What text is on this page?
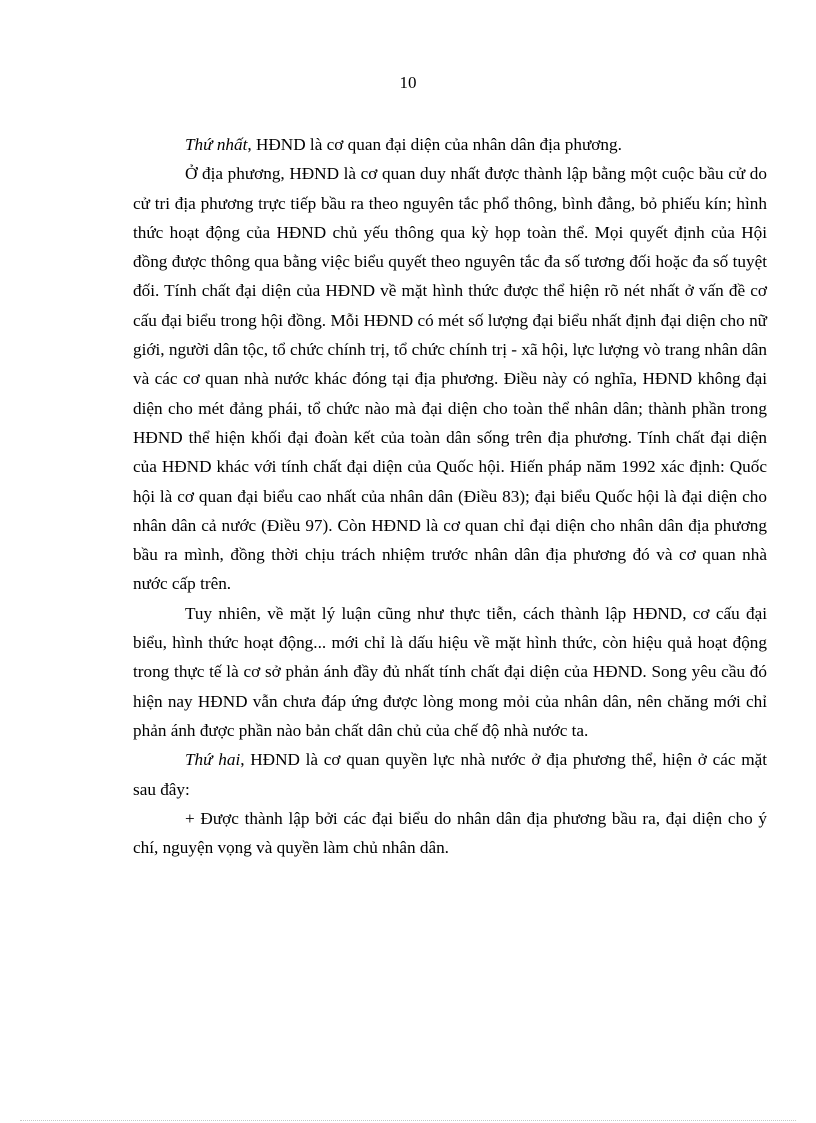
10

Thứ nhất, HĐND là cơ quan đại diện của nhân dân địa phương.

Ở địa phương, HĐND là cơ quan duy nhất được thành lập bằng một cuộc bầu cử do cử tri địa phương trực tiếp bầu ra theo nguyên tắc phổ thông, bình đẳng, bỏ phiếu kín; hình thức hoạt động của HĐND chủ yếu thông qua kỳ họp toàn thể. Mọi quyết định của Hội đồng được thông qua bằng việc biểu quyết theo nguyên tắc đa số tương đối hoặc đa số tuyệt đối. Tính chất đại diện của HĐND về mặt hình thức được thể hiện rõ nét nhất ở vấn đề cơ cấu đại biểu trong hội đồng. Mỗi HĐND có mét số lượng đại biểu nhất định đại diện cho nữ giới, người dân tộc, tổ chức chính trị, tổ chức chính trị - xã hội, lực lượng vò trang nhân dân và các cơ quan nhà nước khác đóng tại địa phương. Điều này có nghĩa, HĐND không đại diện cho mét đảng phái, tổ chức nào mà đại diện cho toàn thể nhân dân; thành phần trong HĐND thể hiện khối đại đoàn kết của toàn dân sống trên địa phương. Tính chất đại diện của HĐND khác với tính chất đại diện của Quốc hội. Hiến pháp năm 1992 xác định: Quốc hội là cơ quan đại biểu cao nhất của nhân dân (Điều 83); đại biểu Quốc hội là đại diện cho nhân dân cả nước (Điều 97). Còn HĐND là cơ quan chỉ đại diện cho nhân dân địa phương bầu ra mình, đồng thời chịu trách nhiệm trước nhân dân địa phương đó và cơ quan nhà nước cấp trên.

Tuy nhiên, về mặt lý luận cũng như thực tiễn, cách thành lập HĐND, cơ cấu đại biểu, hình thức hoạt động... mới chỉ là dấu hiệu về mặt hình thức, còn hiệu quả hoạt động trong thực tế là cơ sở phản ánh đầy đủ nhất tính chất đại diện của HĐND. Song yêu cầu đó hiện nay HĐND vẫn chưa đáp ứng được lòng mong mỏi của nhân dân, nên chăng mới chỉ phản ánh được phần nào bản chất dân chủ của chế độ nhà nước ta.

Thứ hai, HĐND là cơ quan quyền lực nhà nước ở địa phương thể, hiện ở các mặt sau đây:

+ Được thành lập bởi các đại biểu do nhân dân địa phương bầu ra, đại diện cho ý chí, nguyện vọng và quyền làm chủ nhân dân.
